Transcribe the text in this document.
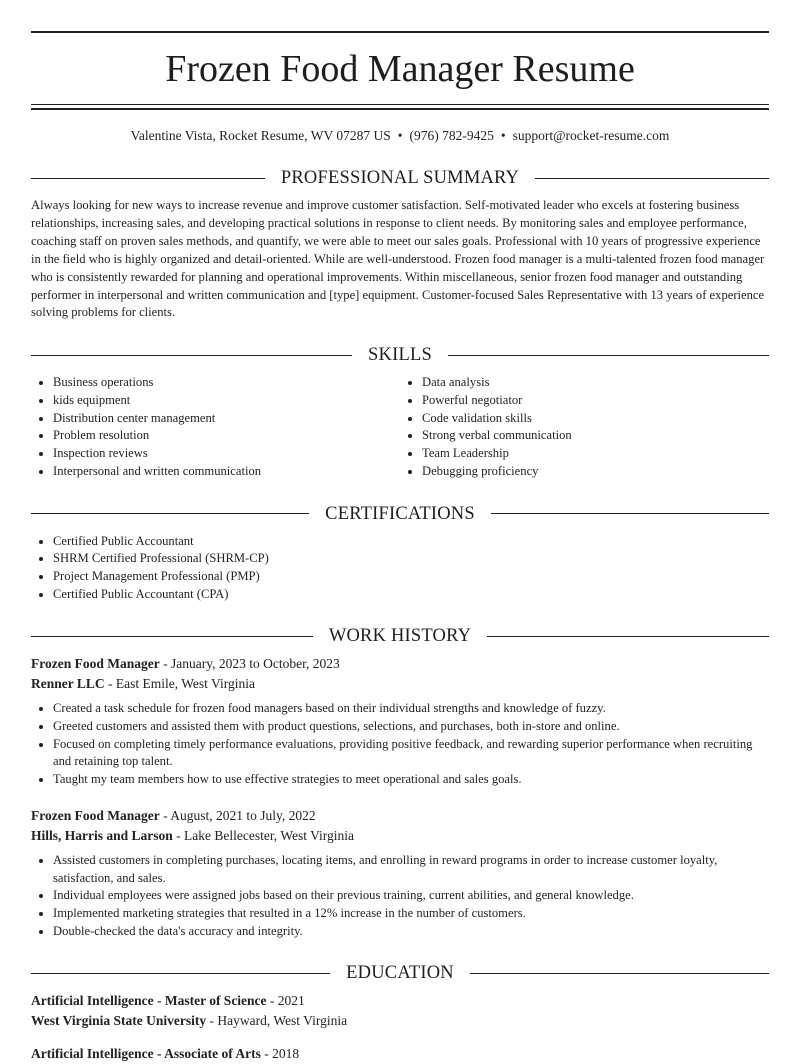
Frozen Food Manager Resume
Valentine Vista, Rocket Resume, WV 07287 US • (976) 782-9425 • support@rocket-resume.com
PROFESSIONAL SUMMARY
Always looking for new ways to increase revenue and improve customer satisfaction. Self-motivated leader who excels at fostering business relationships, increasing sales, and developing practical solutions in response to client needs. By monitoring sales and employee performance, coaching staff on proven sales methods, and quantify, we were able to meet our sales goals. Professional with 10 years of progressive experience in the field who is highly organized and detail-oriented. While are well-understood. Frozen food manager is a multi-talented frozen food manager who is consistently rewarded for planning and operational improvements. Within miscellaneous, senior frozen food manager and outstanding performer in interpersonal and written communication and [type] equipment. Customer-focused Sales Representative with 13 years of experience solving problems for clients.
SKILLS
• Business operations
• kids equipment
• Distribution center management
• Problem resolution
• Inspection reviews
• Interpersonal and written communication
• Data analysis
• Powerful negotiator
• Code validation skills
• Strong verbal communication
• Team Leadership
• Debugging proficiency
CERTIFICATIONS
• Certified Public Accountant
• SHRM Certified Professional (SHRM-CP)
• Project Management Professional (PMP)
• Certified Public Accountant (CPA)
WORK HISTORY
Frozen Food Manager - January, 2023 to October, 2023
Renner LLC - East Emile, West Virginia
• Created a task schedule for frozen food managers based on their individual strengths and knowledge of fuzzy.
• Greeted customers and assisted them with product questions, selections, and purchases, both in-store and online.
• Focused on completing timely performance evaluations, providing positive feedback, and rewarding superior performance when recruiting and retaining top talent.
• Taught my team members how to use effective strategies to meet operational and sales goals.
Frozen Food Manager - August, 2021 to July, 2022
Hills, Harris and Larson - Lake Bellecester, West Virginia
• Assisted customers in completing purchases, locating items, and enrolling in reward programs in order to increase customer loyalty, satisfaction, and sales.
• Individual employees were assigned jobs based on their previous training, current abilities, and general knowledge.
• Implemented marketing strategies that resulted in a 12% increase in the number of customers.
• Double-checked the data's accuracy and integrity.
EDUCATION
Artificial Intelligence - Master of Science - 2021
West Virginia State University - Hayward, West Virginia
Artificial Intelligence - Associate of Arts - 2018
